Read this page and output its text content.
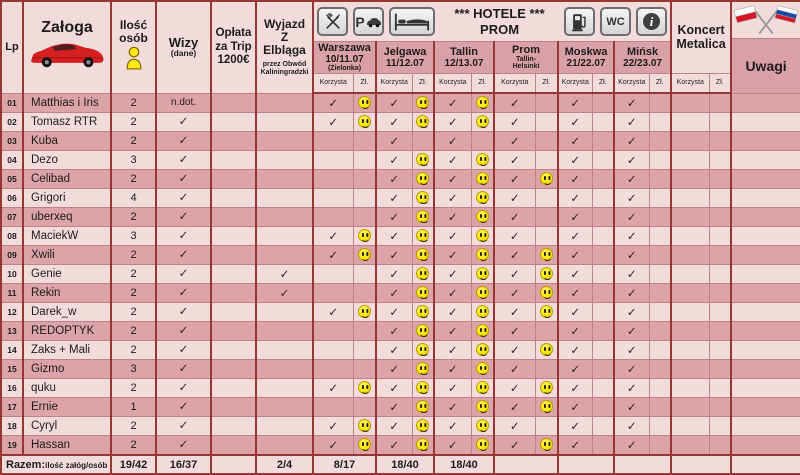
Lp	
Załoga	Ilość osób	Wizy
(dane)

Opłata za Trip 1200€

Wyjazd Z Elbląga
przez Obwód Kaliningradzki

P
*** HOTELE ***
PROM	WC	i

Koncert Metalica

Uwagi

Warszawa
10/11.07
(Zielonka)

Jelgawa
11/12.07

Tallin
12/13.07

Prom
Tallin-Helsinki

Moskwa
21/22.07

Mińsk
22/23.07

						Korzysta	Zł.	Korzysta	Zł.	Korzysta	Zł.	Korzysta	Zł.	Korzysta	Zł.	Korzysta	Zł.	Korzysta	Zł.	
01	Matthias i Iris	2	n.dot.			✓		✓		✓		✓		✓		✓				
02	Tomasz RTR	2	✓			✓		✓		✓		✓		✓		✓				
03	Kuba	2	✓					✓		✓		✓		✓		✓				
04	Dezo	3	✓					✓		✓		✓		✓		✓				
05	Celibad	2	✓					✓		✓		✓		✓		✓				
06	Grigori	4	✓					✓		✓		✓		✓		✓				
07	uberxeq	2	✓					✓		✓		✓		✓		✓				
08	MaciekW	3	✓			✓		✓		✓		✓		✓		✓				
09	Xwili	2	✓			✓		✓		✓		✓		✓		✓				
10	Genie	2	✓		✓			✓		✓		✓		✓		✓				
11	Rekin	2	✓		✓			✓		✓		✓		✓		✓				
12	Darek_w	2	✓			✓		✓		✓		✓		✓		✓				
13	REDOPTYK	2	✓					✓		✓		✓		✓		✓				
14	Zaks + Mali	2	✓					✓		✓		✓		✓		✓				
15	Gizmo	3	✓					✓		✓		✓		✓		✓				
16	quku	2	✓			✓		✓		✓		✓		✓		✓				
17	Ernie	1	✓					✓		✓		✓		✓		✓				
18	Cyryl	2	✓			✓		✓		✓		✓		✓		✓				
19	Hassan	2	✓			✓		✓		✓		✓		✓		✓				
Razem:ilość załóg/osób		19/42	16/37		2/4	8/17		18/40		18/40										
